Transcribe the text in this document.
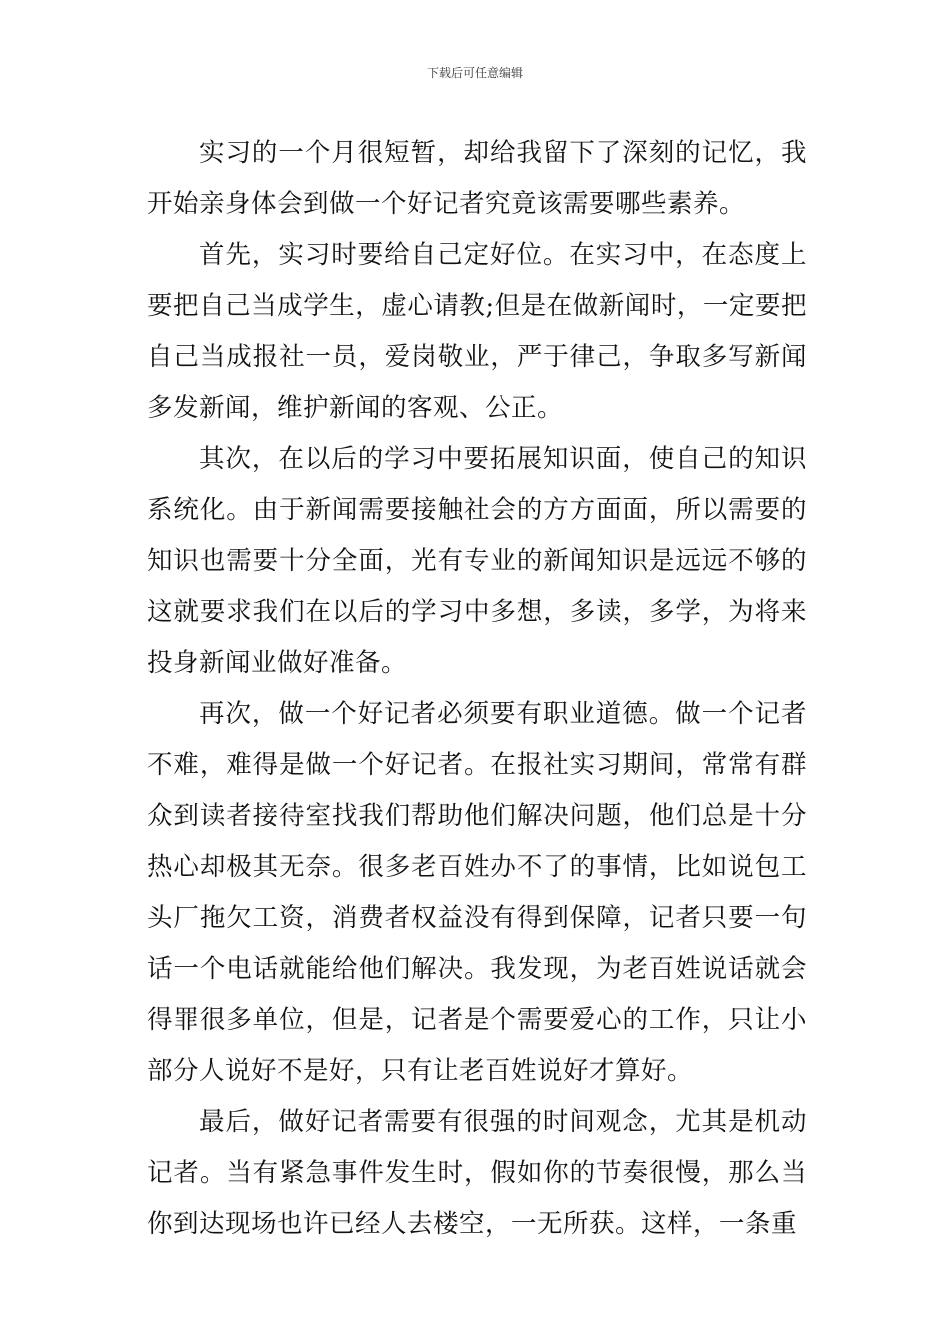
下载后可任意编辑

实习的一个月很短暂，却给我留下了深刻的记忆，我开始亲身体会到做一个好记者究竟该需要哪些素养。

首先，实习时要给自己定好位。在实习中，在态度上要把自己当成学生，虚心请教;但是在做新闻时，一定要把自己当成报社一员，爱岗敬业，严于律己，争取多写新闻多发新闻，维护新闻的客观、公正。

其次，在以后的学习中要拓展知识面，使自己的知识系统化。由于新闻需要接触社会的方方面面，所以需要的知识也需要十分全面，光有专业的新闻知识是远远不够的这就要求我们在以后的学习中多想，多读，多学，为将来投身新闻业做好准备。

再次，做一个好记者必须要有职业道德。做一个记者不难，难得是做一个好记者。在报社实习期间，常常有群众到读者接待室找我们帮助他们解决问题，他们总是十分热心却极其无奈。很多老百姓办不了的事情，比如说包工头厂拖欠工资，消费者权益没有得到保障，记者只要一句话一个电话就能给他们解决。我发现，为老百姓说话就会得罪很多单位，但是，记者是个需要爱心的工作，只让小部分人说好不是好，只有让老百姓说好才算好。

最后，做好记者需要有很强的时间观念，尤其是机动记者。当有紧急事件发生时，假如你的节奏很慢，那么当你到达现场也许已经人去楼空，一无所获。这样，一条重
